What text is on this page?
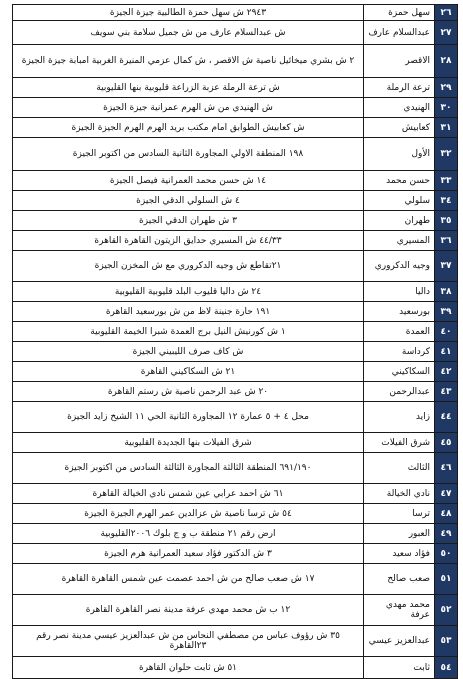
٢٦	سهل حمزة	٢٩٤٣ ش سهل حمزة الطالبية جيزة الجيزة
٢٧	عبدالسلام عارف	ش عبدالسلام عارف من ش جميل سلامة بني سويف
٢٨	الاقصر	٢ ش بشري ميخائيل ناصية ش الاقصر ، ش كمال عزمي المنيرة الغربية امبابة جيزة الجيزة
٢٩	ترعة الرملة	ش ترعة الرملة عزبة الزراعة قليوبية بنها القليوبية
٣٠	الهنيدي	ش الهنيدي من ش الهرم عمرانية جيزة الجيزة
٣١	كعابيش	ش كعابيش الطوابق امام مكتب بريد الهرم الهرم الجيزة الجيزة
٣٢	الأول	١٩٨ المنطقة الاولي المجاورة الثانية السادس من اكتوبر الجيزة
٣٣	حسن محمد	١٤ ش حسن محمد العمرانية فيصل الجيزة
٣٤	سلولي	٤ ش السلولي الدقي الجيزة
٣٥	طهران	٣ ش طهران الدقي الجيزة
٣٦	المسيري	٤٤/٣٣ ش المسيري حدايق الزيتون القاهرة القاهرة
٣٧	وجيه الدكروري	٢١تقاطع ش وجيه الدكروري مع ش المخزن الجيزة
٣٨	داليا	٢٤ ش داليا قليوب البلد قليوبية القليوبية
٣٩	بورسعيد	١٩١ حارة جنينة لاظ من ش بورسعيد القاهرة
٤٠	العمدة	١ ش كورنيش النيل برج العمدة شبرا الخيمة القليوبية
٤١	كرداسة	ش كاف صرف الليبيني الجيزة
٤٢	السكاكيني	٢١ ش السكاكيني القاهرة
٤٣	عبدالرحمن	٢٠ ش عبد الرحمن ناصية ش رستم القاهرة
٤٤	زايد	محل ٤ + ٥ عمارة ١٢ المجاورة الثانية الحي ١١ الشيخ زايد الجيزة
٤٥	شرق الفيلات	شرق الفيلات بنها الجديدة القليوبية
٤٦	الثالث	٦٩١/١٩٠ المنطقة الثالثة المجاورة الثالثة السادس من اكتوبر الجيزة
٤٧	نادي الخيالة	٦١ ش احمد عرابي عين شمس نادي الخيالة القاهرة
٤٨	ترسا	٥٤ ش ترسا ناصية ش عزالدين عمر الهرم الجيزة الجيزة
٤٩	العبور	ارض رقم ٢١ منطقة ب و ج بلوك ٢٠٠٦القليوبية
٥٠	فؤاد سعيد	٣ ش الدكتور فؤاد سعيد العمرانية هرم الجيزة
٥١	صعب صالح	١٧ ش صعب صالح من ش احمد عصمت عين شمس القاهرة القاهرة
٥٢	محمد مهدي عرفة	١٢ ب ش محمد مهدي عرفة مدينة نصر القاهرة القاهرة
٥٣	عبدالعزيز عيسي	٣٥ ش رؤوف عباس من مصطفي النحاس من ش عبدالعزيز عيسي مدينة نصر رقم ٢٣القاهرة
٥٤	ثابت	٥١ ش ثابت حلوان القاهرة
